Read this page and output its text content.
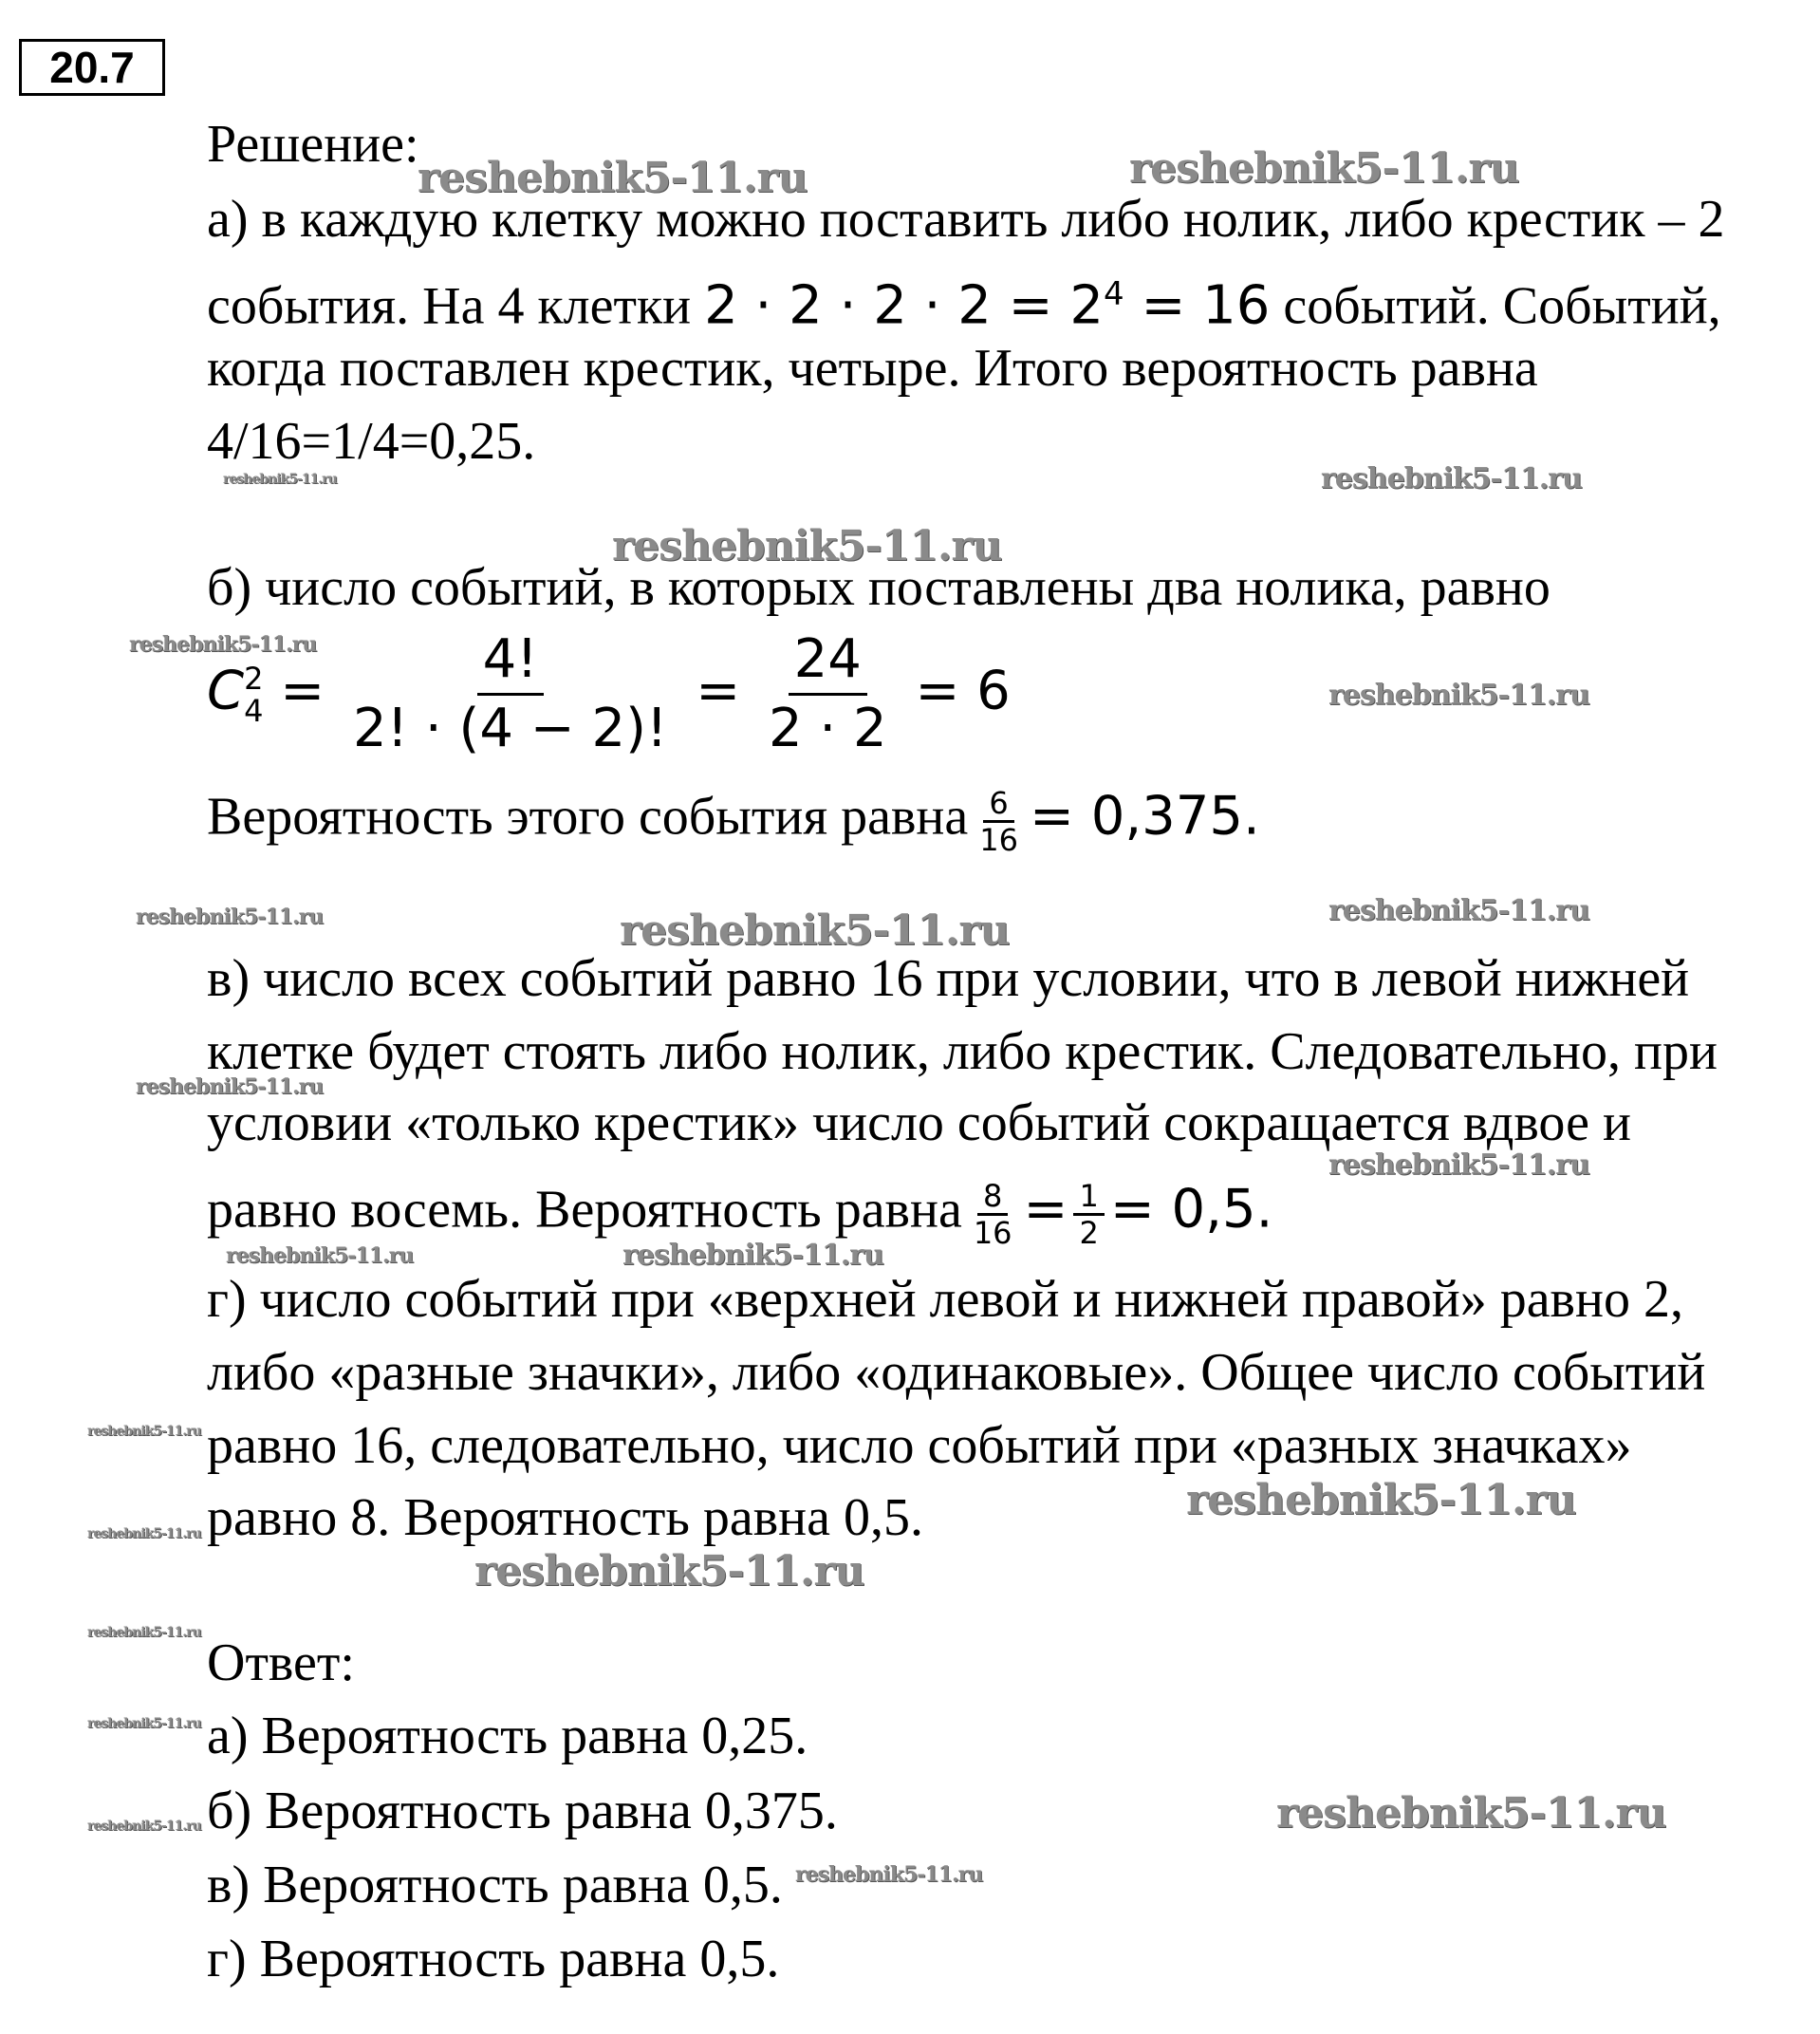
20.7
reshebnik5-11.ru	reshebnik5-11.ru
reshebnik5-11.ru	reshebnik5-11.ru
reshebnik5-11.ru
reshebnik5-11.ru
reshebnik5-11.ru
reshebnik5-11.ru	reshebnik5-11.ru	reshebnik5-11.ru
reshebnik5-11.ru
reshebnik5-11.ru
reshebnik5-11.ru	reshebnik5-11.ru
reshebnik5-11.ru
reshebnik5-11.ru
reshebnik5-11.ru
reshebnik5-11.ru
reshebnik5-11.ru
reshebnik5-11.ru
reshebnik5-11.ru	reshebnik5-11.ru
reshebnik5-11.ru
Решение:
а) в каждую клетку можно поставить либо нолик, либо крестик – 2
события. На 4 клетки $2 \cdot 2 \cdot 2 \cdot 2 = 2^4 = 16$ событий. Событий,
когда поставлен крестик, четыре. Итого вероятность равна
4/16=1/4=0,25.
б) число событий, в которых поставлены два нолика, равно
C 2
$4 = \frac{4!}{2! \cdot (4 - 2)!} = \frac{24}{2 \cdot 2} = 6$
Вероятность этого события равна $\frac{6}{16} = 0,375$.
в) число всех событий равно 16 при условии, что в левой нижней
клетке будет стоять либо нолик, либо крестик. Следовательно, при
условии «только крестик» число событий сокращается вдвое и
равно восемь. Вероятность равна $\frac{8}{16} = \frac{1}{2} = 0,5$.
г) число событий при «верхней левой и нижней правой» равно 2,
либо «разные значки», либо «одинаковые». Общее число событий
равно 16, следовательно, число событий при «разных значках»
равно 8. Вероятность равна 0,5.
Ответ:
а) Вероятность равна 0,25.
б) Вероятность равна 0,375.
в) Вероятность равна 0,5.
г) Вероятность равна 0,5.
